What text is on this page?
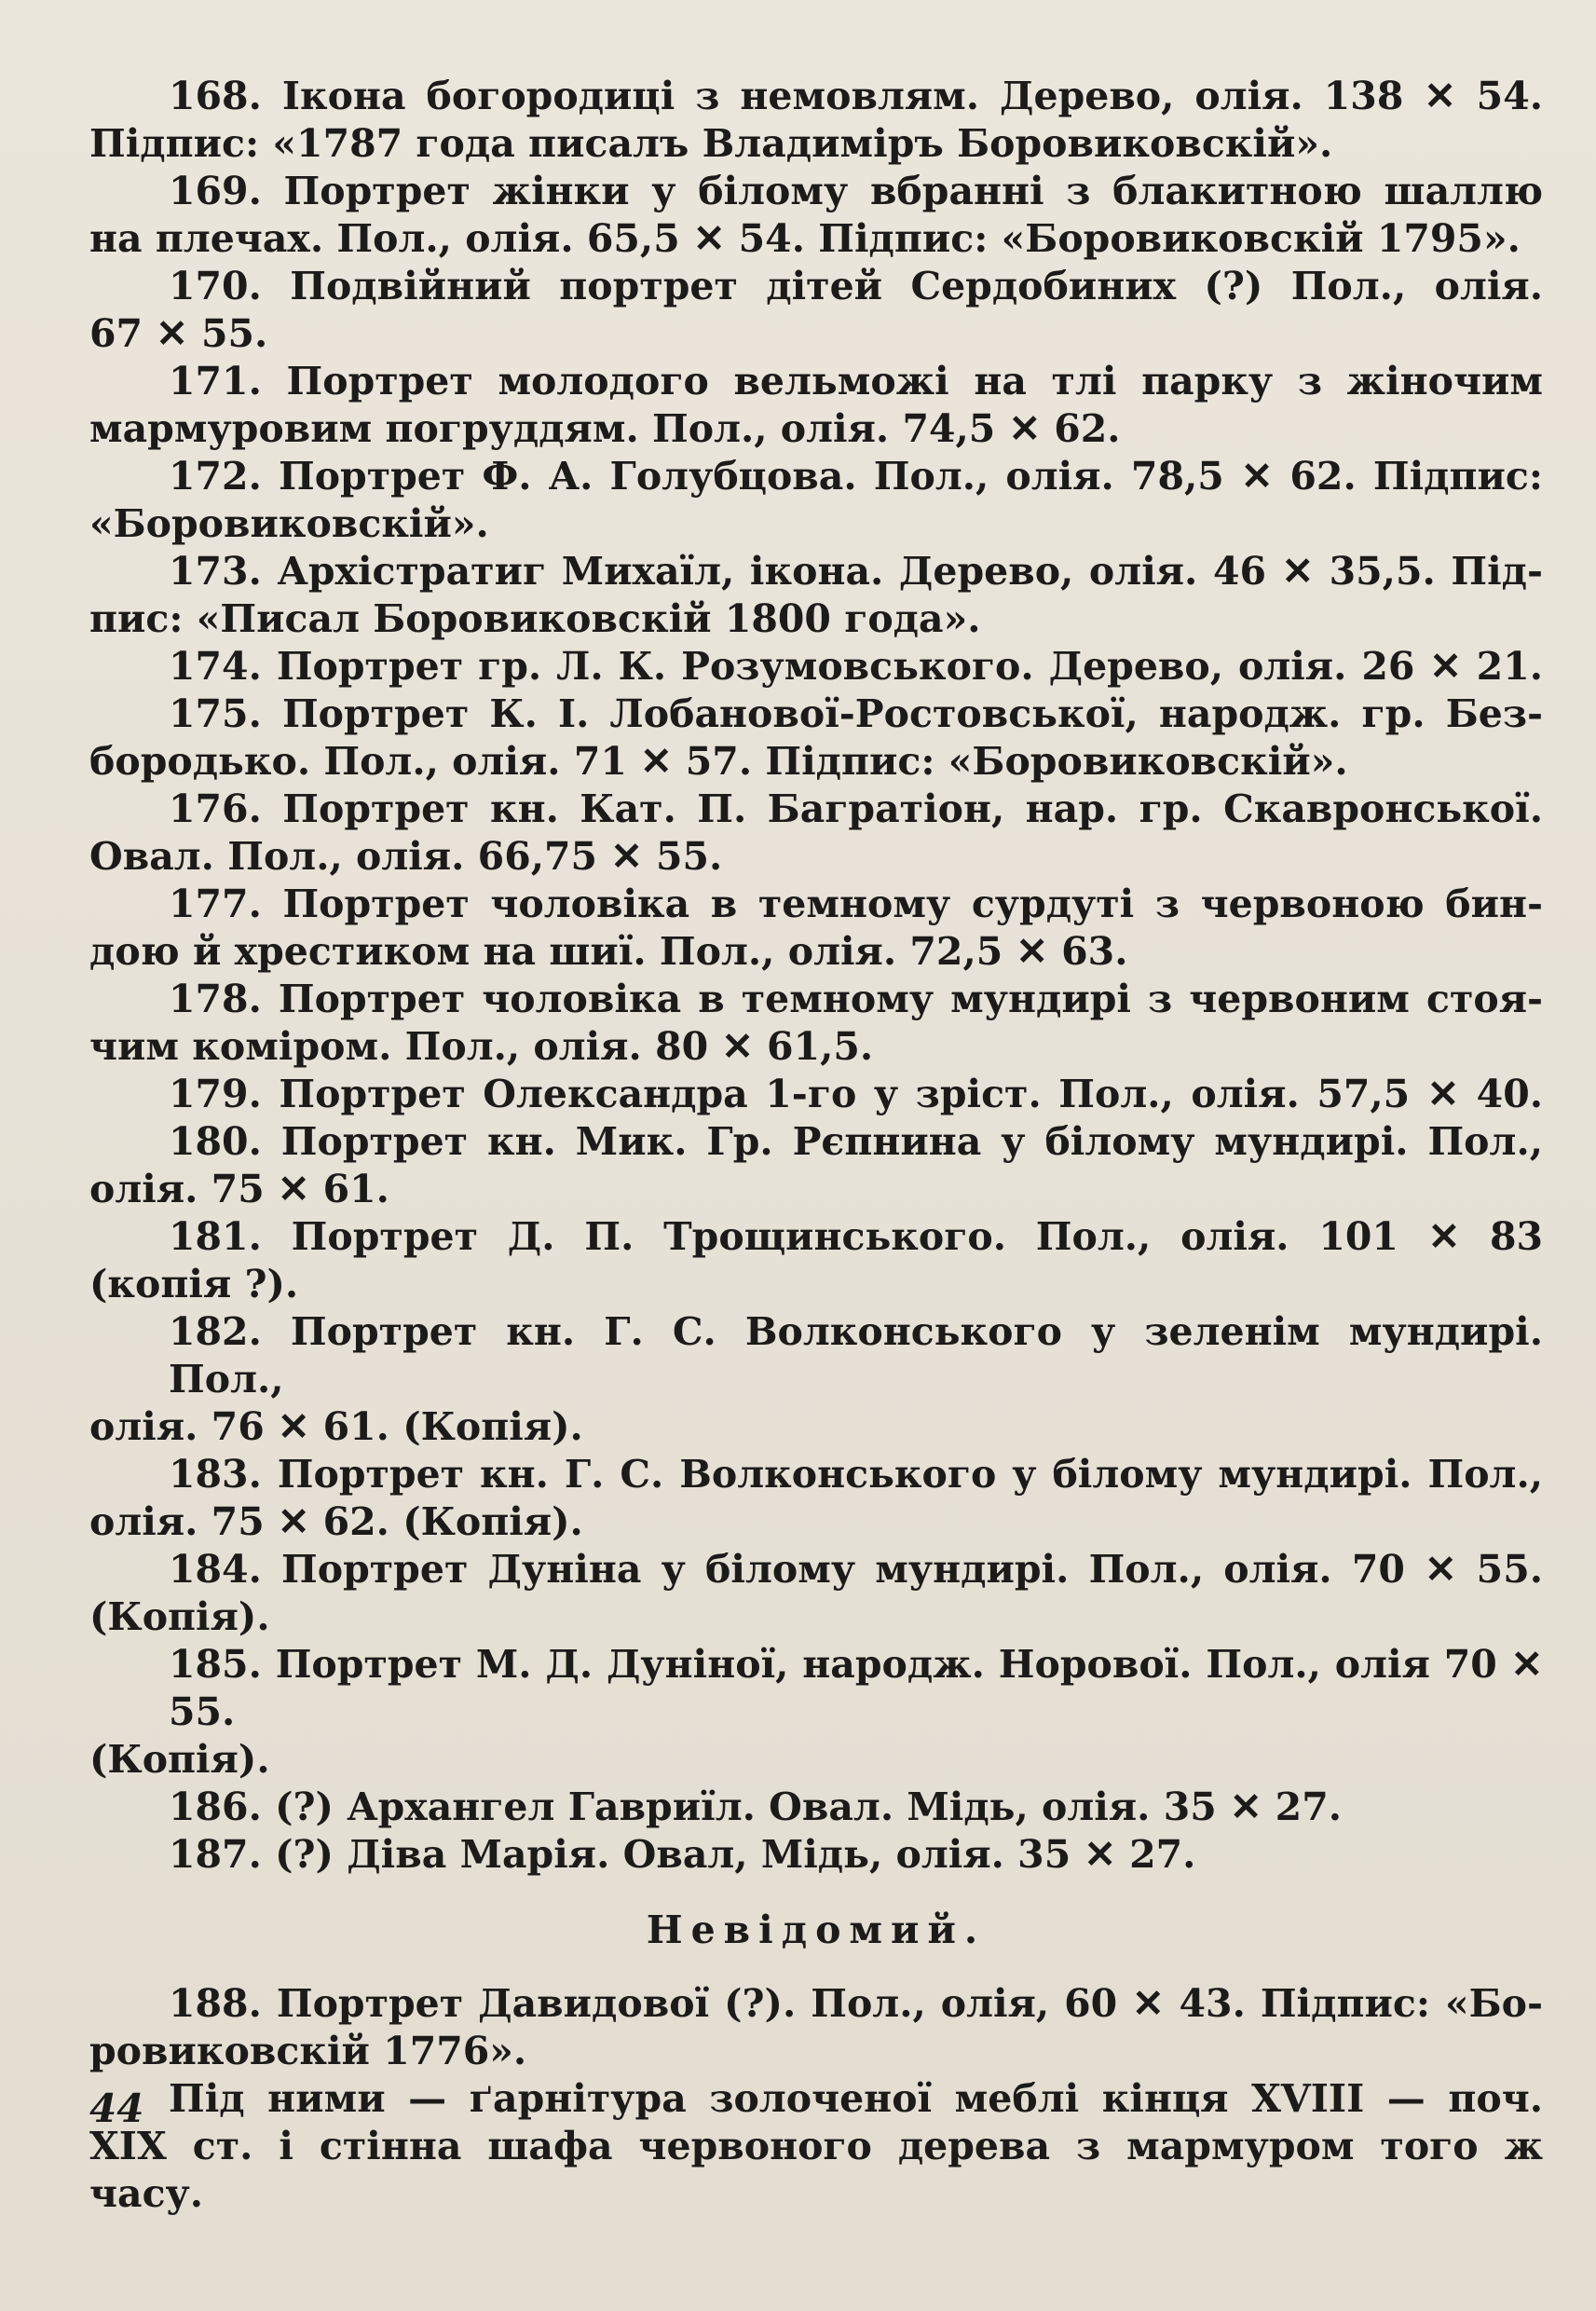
168. Ікона богородиці з немовлям. Дерево, олія. 138 ✕ 54.
Підпис: «1787 года писалъ Владимiръ Боровиковскiй».
169. Портрет жінки у білому вбранні з блакитною шаллю
на плечах. Пол., олія. 65,5 ✕ 54. Підпис: «Боровиковскiй 1795».
170. Подвійний портрет дітей Сердобиних (?) Пол., олія.
67 ✕ 55.
171. Портрет молодого вельможі на тлі парку з жіночим
мармуровим погруддям. Пол., олія. 74,5 ✕ 62.
172. Портрет Ф. А. Голубцова. Пол., олія. 78,5 ✕ 62. Підпис:
«Боровиковскiй».
173. Архістратиг Михаїл, ікона. Дерево, олія. 46 ✕ 35,5. Під-
пис: «Писал Боровиковскiй 1800 года».
174. Портрет гр. Л. К. Розумовського. Дерево, олія. 26 ✕ 21.
175. Портрет К. І. Лобанової-Ростовської, народж. гр. Без-
бородько. Пол., олія. 71 ✕ 57. Підпис: «Боровиковскiй».
176. Портрет кн. Кат. П. Багратіон, нар. гр. Скавронської.
Овал. Пол., олія. 66,75 ✕ 55.
177. Портрет чоловіка в темному сурдуті з червоною бин-
дою й хрестиком на шиї. Пол., олія. 72,5 ✕ 63.
178. Портрет чоловіка в темному мундирі з червоним стоя-
чим коміром. Пол., олія. 80 ✕ 61,5.
179. Портрет Олександра 1-го у зріст. Пол., олія. 57,5 ✕ 40.
180. Портрет кн. Мик. Гр. Рєпнина у білому мундирі. Пол.,
олія. 75 ✕ 61.
181. Портрет Д. П. Трощинського. Пол., олія. 101 ✕ 83
(копія ?).
182. Портрет кн. Г. С. Волконського у зеленім мундирі. Пол.,
олія. 76 ✕ 61. (Копія).
183. Портрет кн. Г. С. Волконського у білому мундирі. Пол.,
олія. 75 ✕ 62. (Копія).
184. Портрет Дуніна у білому мундирі. Пол., олія. 70 ✕ 55.
(Копія).
185. Портрет М. Д. Дуніної, народж. Норової. Пол., олія 70 ✕ 55.
(Копія).
186. (?) Архангел Гавриїл. Овал. Мідь, олія. 35 ✕ 27.
187. (?) Діва Марія. Овал, Мідь, олія. 35 ✕ 27.
Невідомий.
188. Портрет Давидової (?). Пол., олія, 60 ✕ 43. Підпис: «Бо-
ровиковскiй 1776».
Під ними — ґарнітура золоченої меблі кінця XVIII — поч.
XIX ст. і стінна шафа червоного дерева з мармуром того ж
часу.
44
